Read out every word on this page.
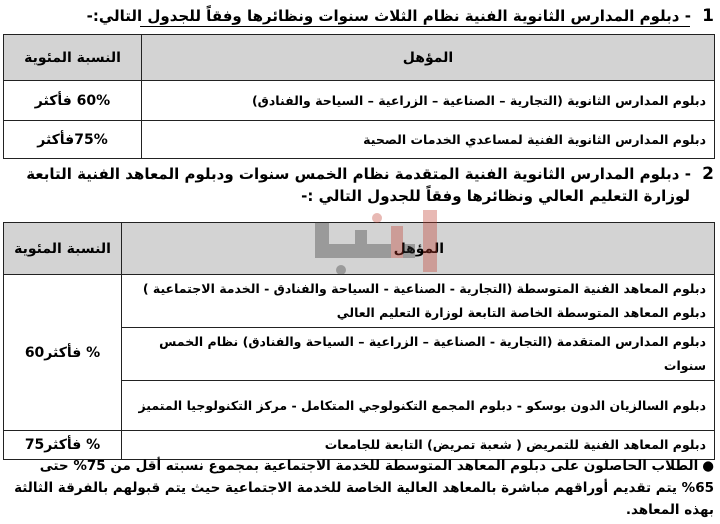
1 - دبلوم المدارس الثانوية الفنية نظام الثلاث سنوات ونظائرها وفقاً للجدول التالي:-
المؤهل	النسبة المئوية
دبلوم المدارس الثانوية (التجارية – الصناعية – الزراعية – السياحة والفنادق)	60% فأكثر
دبلوم المدارس الثانوية الفنية لمساعدي الخدمات الصحية	75%فأكثر
2 - دبلوم المدارس الثانوية الفنية المتقدمة نظام الخمس سنوات ودبلوم المعاهد الفنية التابعة
لوزارة التعليم العالي ونظائرها وفقاً للجدول التالي :-
المؤهل	النسبة المئوية
دبلوم المعاهد الفنية المتوسطة (التجارية - الصناعية - السياحة والفنادق - الخدمة الاجتماعية ) دبلوم المعاهد المتوسطة الخاصة التابعة لوزارة التعليم العالي	% فأكثر60
دبلوم المدارس المتقدمة (التجارية - الصناعية – الزراعية – السياحة والفنادق) نظام الخمس سنوات	
دبلوم السالزيان الدون بوسكو - دبلوم المجمع التكنولوجي المتكامل - مركز التكنولوجيا المتميز	
دبلوم المعاهد الفنية للتمريض ( شعبة تمريض) التابعة للجامعات	% فأكثر75
●الطلاب الحاصلون على دبلوم المعاهد المتوسطة للخدمة الاجتماعية بمجموع نسبته أقل من 75% حتى 65% يتم تقديم أوراقهم مباشرة بالمعاهد العالية الخاصة للخدمة الاجتماعية حيث يتم قبولهم بالفرقة الثالثة بهذه المعاهد.
